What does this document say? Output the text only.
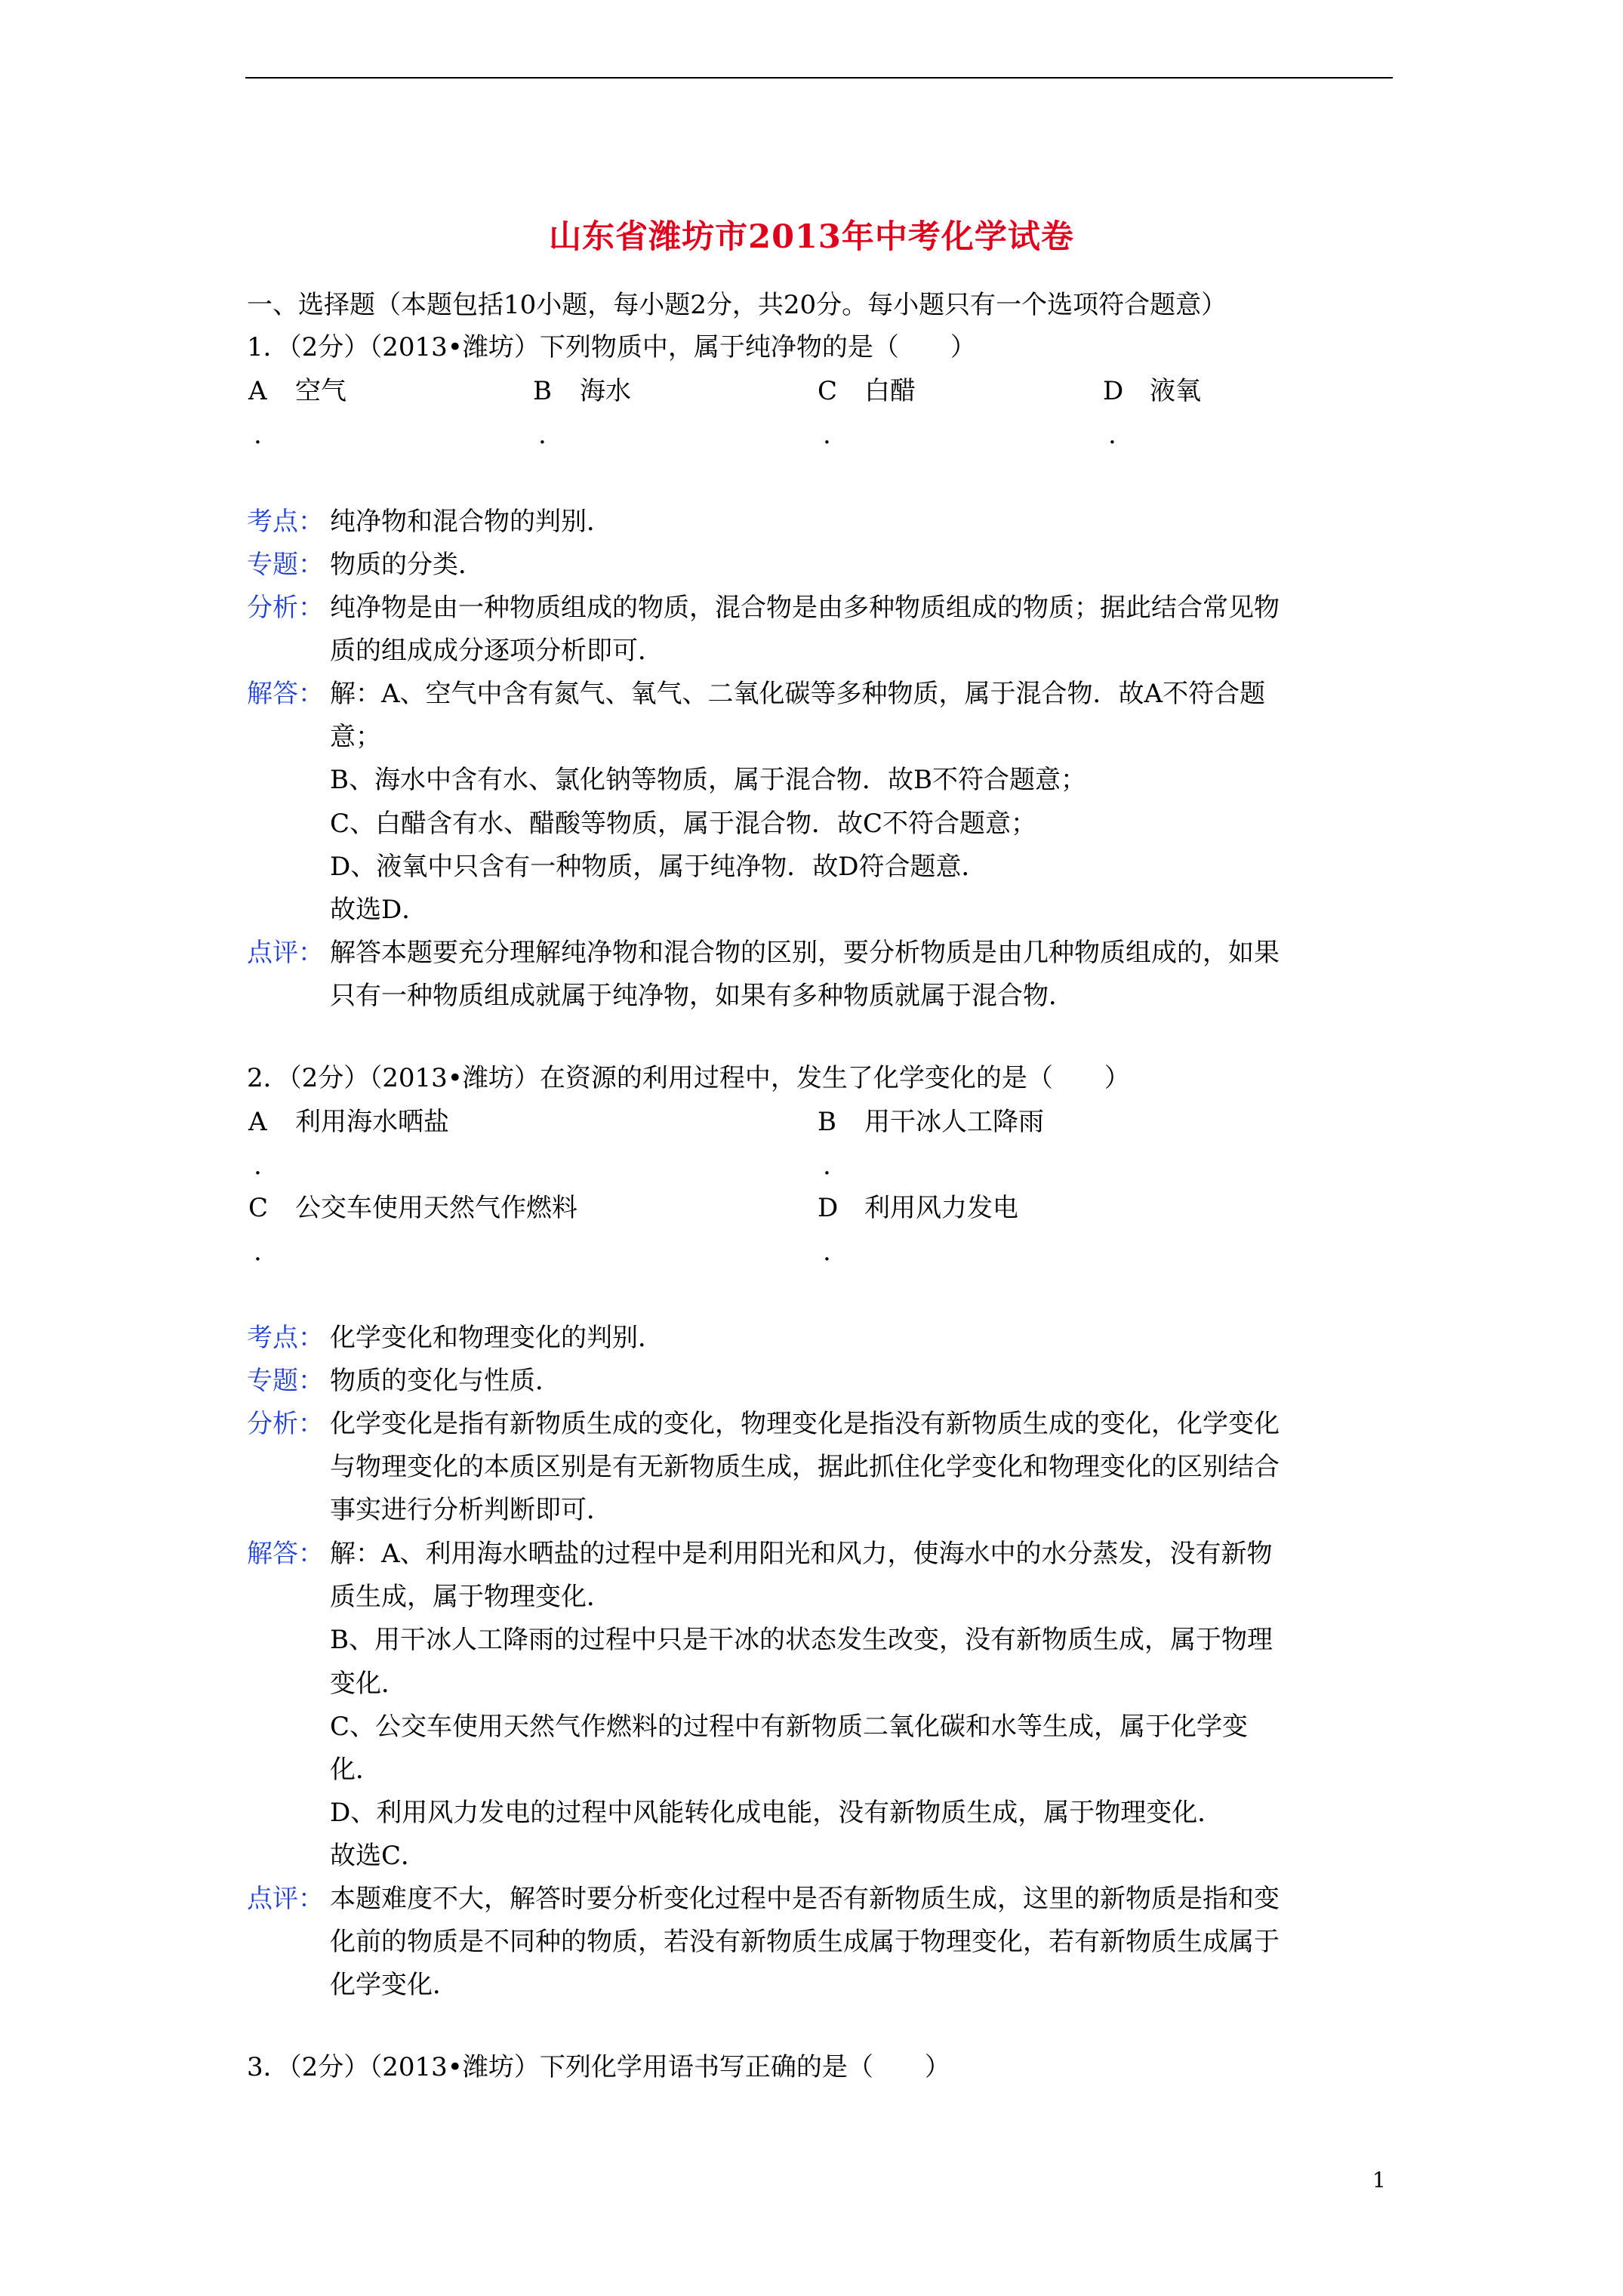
山东省潍坊市2013年中考化学试卷
一、选择题（本题包括10小题，每小题2分，共20分。每小题只有一个选项符合题意）
1．（2分）（2013•潍坊）下列物质中，属于纯净物的是（　　）
A 空气	B 海水	C 白醋	D 液氧
.	.	.	.
考点： 纯净物和混合物的判别．

专题： 物质的分类．

分析： 纯净物是由一种物质组成的物质，混合物是由多种物质组成的物质；据此结合常见物

质的组成成分逐项分析即可．

解答： 解：A、空气中含有氮气、氧气、二氧化碳等多种物质，属于混合物．故A不符合题

意；

B、海水中含有水、氯化钠等物质，属于混合物．故B不符合题意；

C、白醋含有水、醋酸等物质，属于混合物．故C不符合题意；

D、液氧中只含有一种物质，属于纯净物．故D符合题意．

故选D．

点评： 解答本题要充分理解纯净物和混合物的区别，要分析物质是由几种物质组成的，如果

只有一种物质组成就属于纯净物，如果有多种物质就属于混合物．

2．（2分）（2013•潍坊）在资源的利用过程中，发生了化学变化的是（　　）
A 利用海水晒盐	B 用干冰人工降雨
.	.
C 公交车使用天然气作燃料	D 利用风力发电
.	.
考点： 化学变化和物理变化的判别．

专题： 物质的变化与性质．

分析： 化学变化是指有新物质生成的变化，物理变化是指没有新物质生成的变化，化学变化

与物理变化的本质区别是有无新物质生成，据此抓住化学变化和物理变化的区别结合

事实进行分析判断即可．

解答： 解：A、利用海水晒盐的过程中是利用阳光和风力，使海水中的水分蒸发，没有新物

质生成，属于物理变化．

B、用干冰人工降雨的过程中只是干冰的状态发生改变，没有新物质生成，属于物理

变化．

C、公交车使用天然气作燃料的过程中有新物质二氧化碳和水等生成，属于化学变

化．

D、利用风力发电的过程中风能转化成电能，没有新物质生成，属于物理变化．

故选C．

点评： 本题难度不大，解答时要分析变化过程中是否有新物质生成，这里的新物质是指和变

化前的物质是不同种的物质，若没有新物质生成属于物理变化，若有新物质生成属于

化学变化．

3．（2分）（2013•潍坊）下列化学用语书写正确的是（　　）
1
